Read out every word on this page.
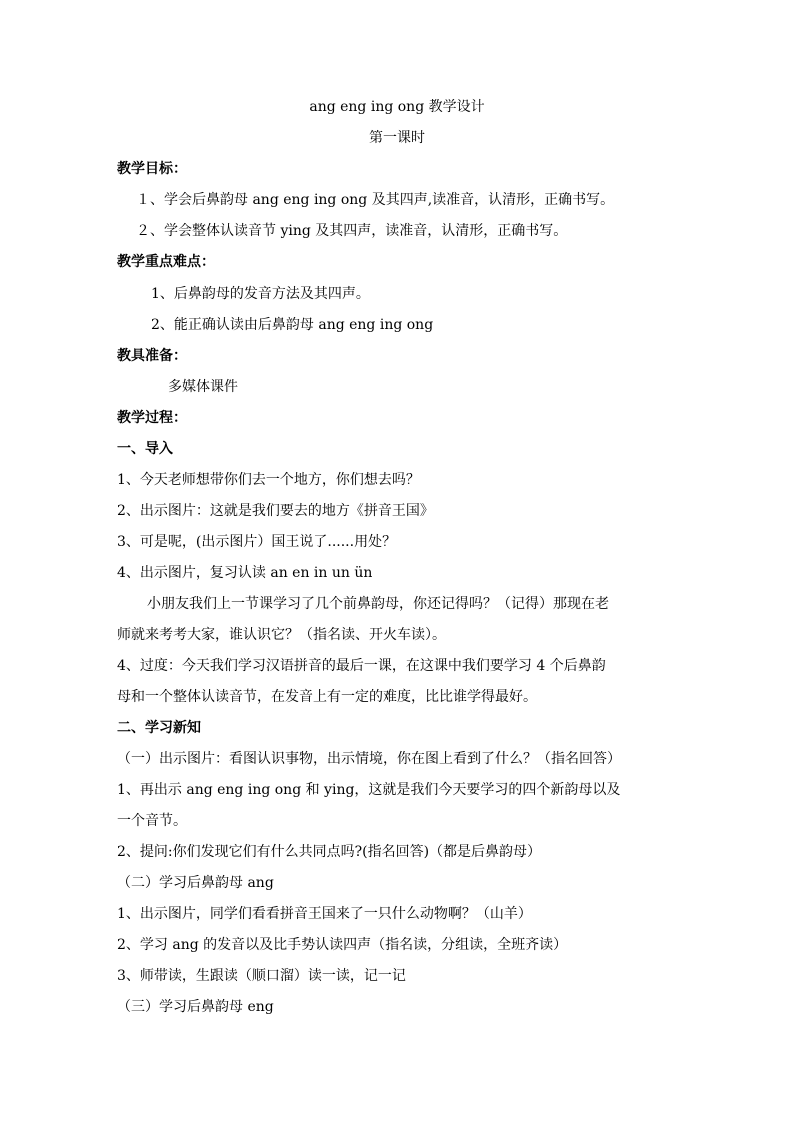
ang eng ing ong 教学设计
第一课时
教学目标：
１、学会后鼻韵母 ang eng ing ong 及其四声,读准音，认清形，正确书写。
２、学会整体认读音节 ying 及其四声，读准音，认清形，正确书写。
教学重点难点：
1、后鼻韵母的发音方法及其四声。
2、能正确认读由后鼻韵母 ang eng ing ong
教具准备：
多媒体课件
教学过程：
一、导入
1、今天老师想带你们去一个地方，你们想去吗？
2、出示图片：这就是我们要去的地方《拼音王国》
3、可是呢，(出示图片）国王说了......用处？
4、出示图片，复习认读 an en in un ün
小朋友我们上一节课学习了几个前鼻韵母，你还记得吗？（记得）那现在老
师就来考考大家，谁认识它？（指名读、开火车读）。
4、过度：今天我们学习汉语拼音的最后一课，在这课中我们要学习 4 个后鼻韵
母和一个整体认读音节，在发音上有一定的难度，比比谁学得最好。
二、学习新知
（一）出示图片：看图认识事物，出示情境，你在图上看到了什么？（指名回答）
1、再出示 ang eng ing ong 和 ying，这就是我们今天要学习的四个新韵母以及
一个音节。
2、提问:你们发现它们有什么共同点吗?(指名回答)（都是后鼻韵母）
（二）学习后鼻韵母 ang
1、出示图片，同学们看看拼音王国来了一只什么动物啊？（山羊）
2、学习 ang 的发音以及比手势认读四声（指名读，分组读，全班齐读）
3、师带读，生跟读（顺口溜）读一读，记一记
（三）学习后鼻韵母 eng
